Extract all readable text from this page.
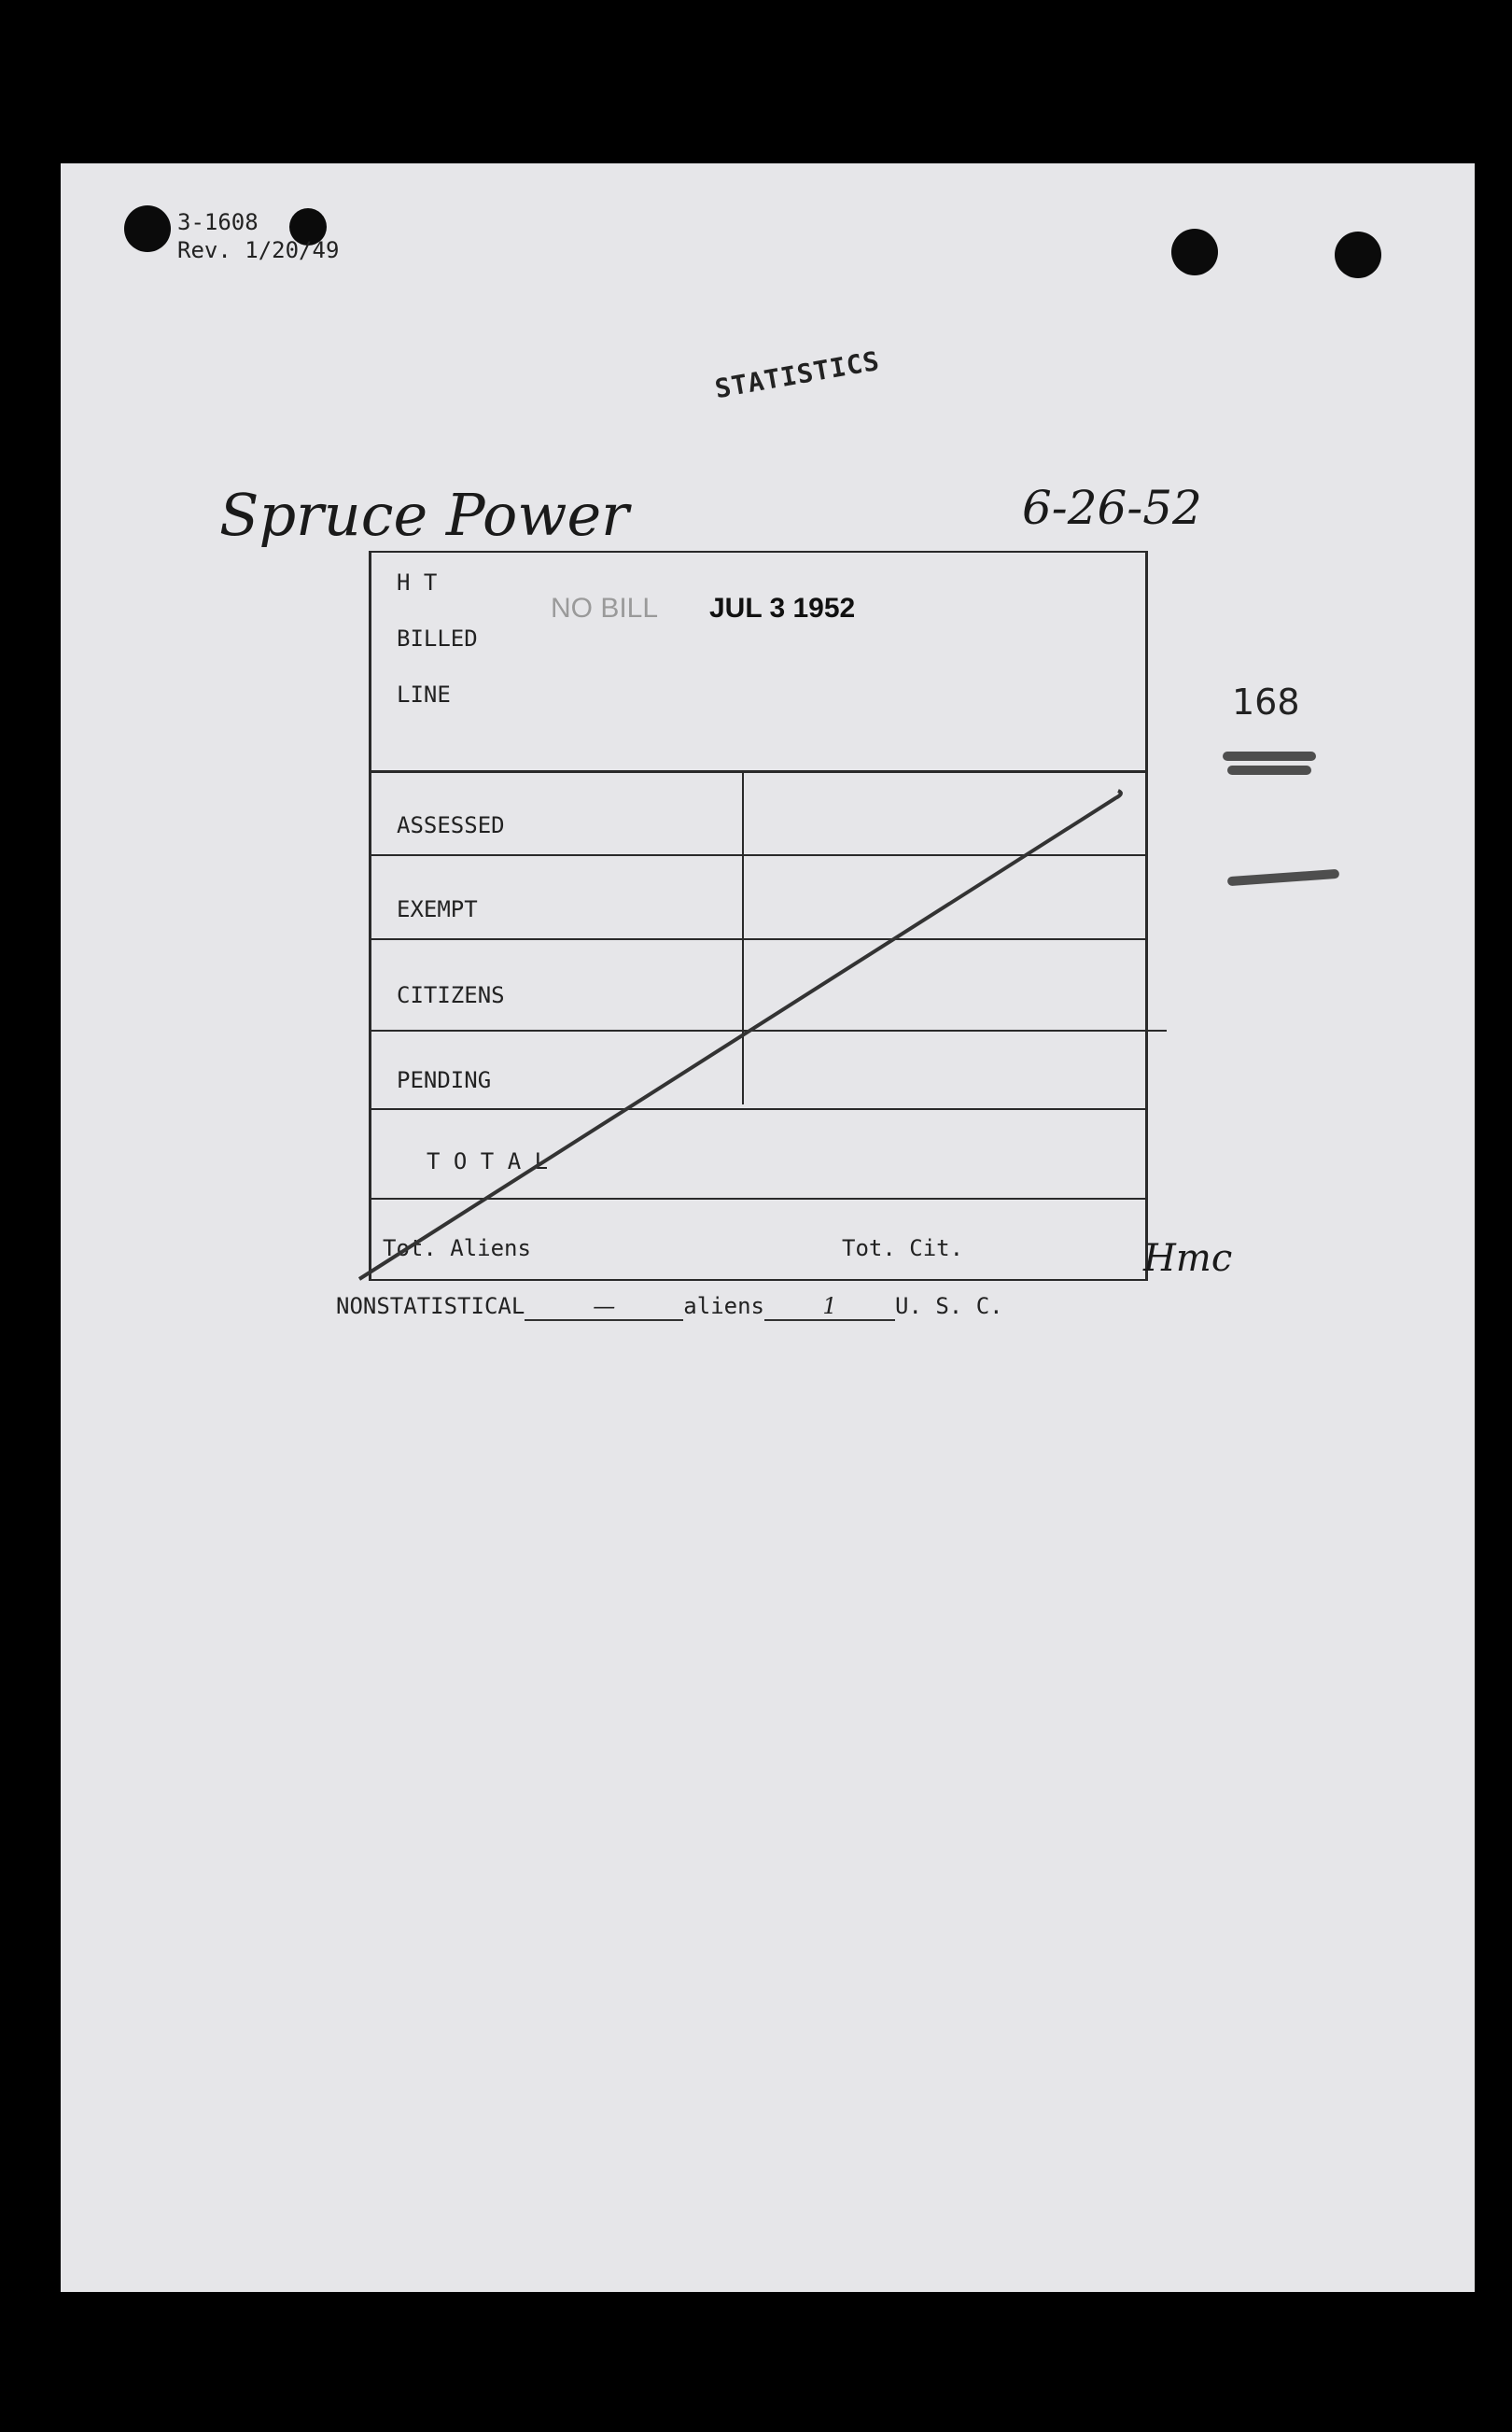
3-1608
Rev. 1/20/49
STATISTICS
Spruce Power	6-26-52
NO BILL JUL 3 1952
168
H T
BILLED
LINE
ASSESSED
EXEMPT
CITIZENS
PENDING
T O T A L
Tot. Aliens	Tot. Cit.	Hmc
NONSTATISTICAL	—	aliens	1	U. S. C.
